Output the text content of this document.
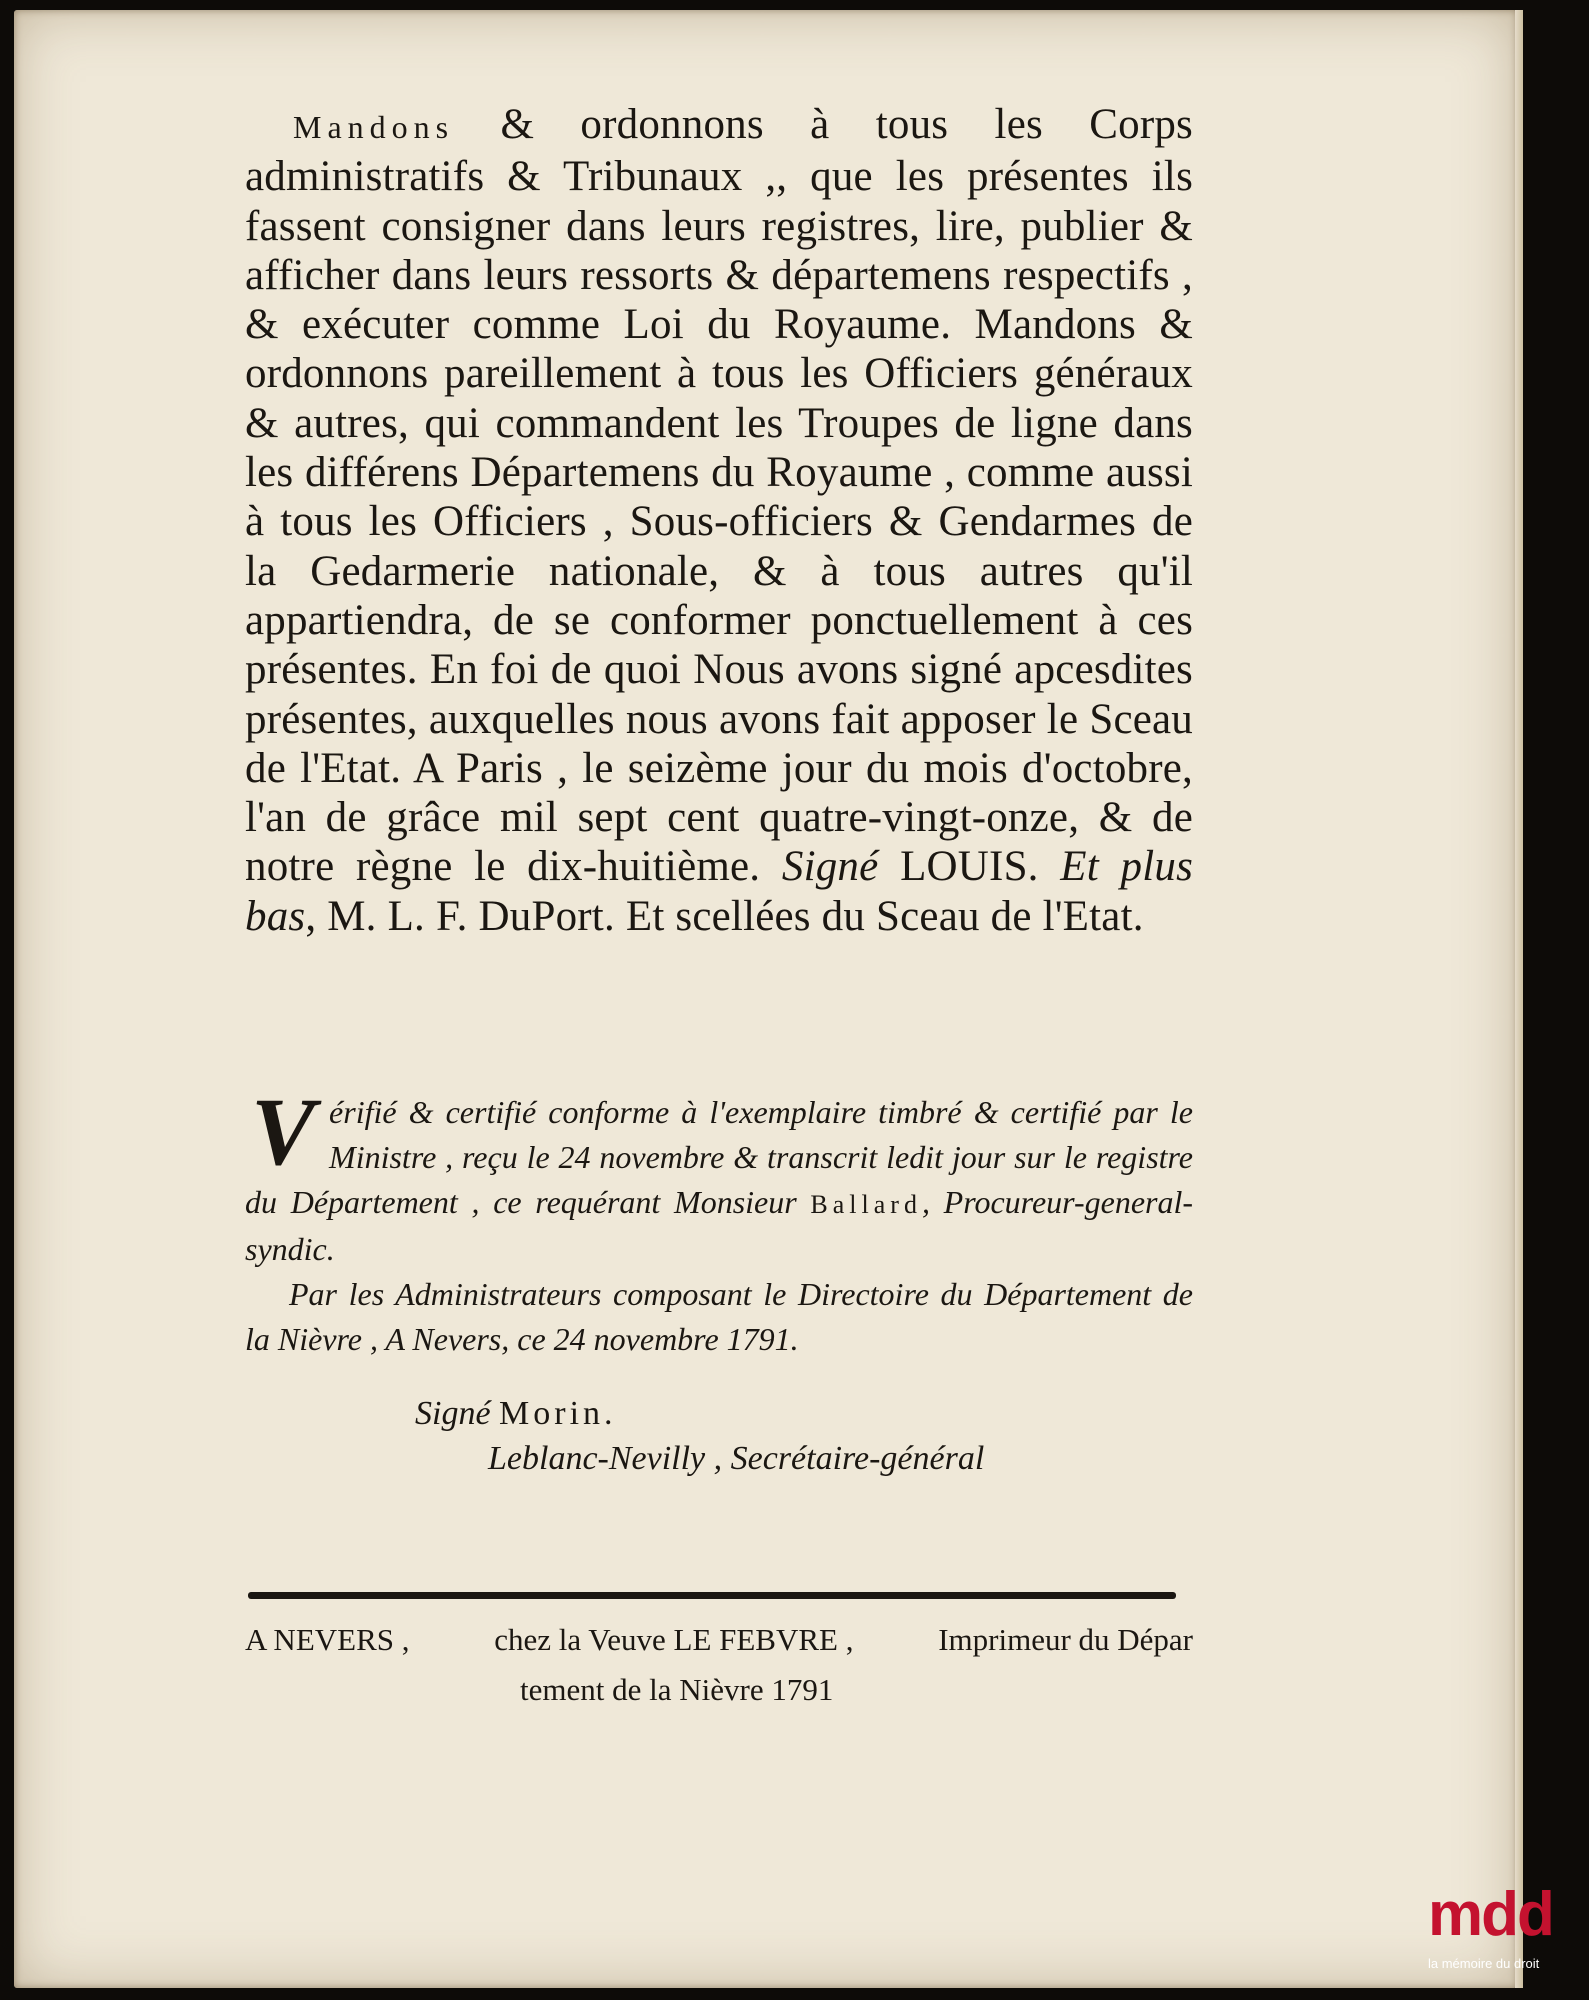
Mandons & ordonnons à tous les Corps administratifs & Tribunaux ,, que les présentes ils fassent consigner dans leurs registres, lire, publier & afficher dans leurs ressorts & départemens respectifs , & exécuter comme Loi du Royaume. Mandons & ordonnons pareillement à tous les Officiers généraux & autres, qui commandent les Troupes de ligne dans les différens Départemens du Royaume , comme aussi à tous les Officiers , Sous-officiers & Gendarmes de la Gedarmerie nationale, & à tous autres qu'il appartiendra, de se conformer ponctuellement à ces présentes. En foi de quoi Nous avons signé apcesdites présentes, auxquelles nous avons fait apposer le Sceau de l'Etat. A Paris , le seizème jour du mois d'octobre, l'an de grâce mil sept cent quatre-vingt-onze, & de notre règne le dix-huitième. Signé LOUIS. Et plus bas, M. L. F. DuPort. Et scellées du Sceau de l'Etat.

Vérifié & certifié conforme à l'exemplaire timbré & certifié par le Ministre , reçu le 24 novembre & transcrit ledit jour sur le registre du Département , ce requérant Monsieur Ballard, Procureur-general-syndic.

Par les Administrateurs composant le Directoire du Département de la Nièvre , A Nevers, ce 24 novembre 1791.

Signé Morin.
Leblanc-Nevilly , Secrétaire-général
A NEVERS ,	chez la Veuve LE FEBVRE ,	Imprimeur du Dépar
tement de la Nièvre 1791
mdd
la mémoire du droit
